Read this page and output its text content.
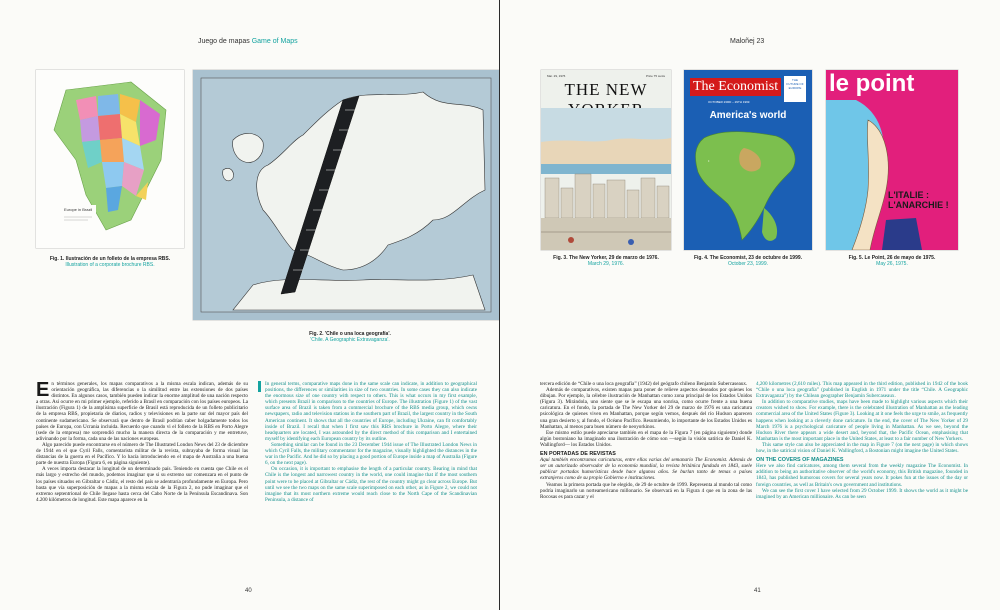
Juego de mapas Game of Maps
Europe in Brazil
Fig. 1. Ilustración de un folleto de la empresa RBS.
Illustration of a corporate brochure RBS.
Fig. 2. 'Chile o una loca geografía'.
'Chile. A Geographic Extravaganza'.

En términos generales, los mapas comparativos a la misma escala indican, además de su orientación geográfica, las diferencias o la similitud entre las extensiones de dos países distintos. En algunos casos, también pueden indicar la enorme amplitud de una nación respecto a otras. Así ocurre en mi primer ejemplo, referido a Brasil en comparación con los países europeos. La ilustración (Figura 1) de la amplísima superficie de Brasil está reproducida de un folleto publicitario de la empresa RBS, propietaria de diarios, radios y televisiones en la parte sur del mayor país del continente sudamericano. Se observará que dentro de Brasil podrían caber holgadamente todos los países de Europa, con Ucrania incluida. Recuerdo que cuando vi el folleto de la RBS en Porto Alegre (sede de la empresa) me sorprendió mucho la manera directa de la comparación y me entretuve, adivinando por la forma, cada una de las naciones europeas.

Algo parecido puede encontrarse en el número de The Illustrated London News del 23 de diciembre de 1944 en el que Cyril Falls, comentarista militar de la revista, subrayaba de forma visual las distancias de la guerra en el Pacífico. Y lo hacía introduciendo en el mapa de Australia a una buena parte de nuestra Europa (Figura 6, en página siguiente).

A veces importa destacar la longitud de un determinado país. Teniendo en cuenta que Chile es el más largo y estrecho del mundo, podemos imaginar que si su extremo sur comenzara en el punto de los países situados en Gibraltar o Cádiz, el resto del país se adentraría profundamente en Europa. Pero basta que vía superposición de mapas a la misma escala de la Figura 2, no pude imaginar que el extremo septentrional de Chile llegase hasta cerca del Cabo Norte de la Península Escandinava. Son 4.200 kilómetros de longitud. Este mapa aparece en la

In general terms, comparative maps done in the same scale can indicate, in addition to geographical positions, the differences or similarities in size of two countries. In some cases they can also indicate the enormous size of one country with respect to others. This is what occurs in my first example, which presents Brazil in comparison to the countries of Europe. The illustration (Figure 1) of the vast surface area of Brazil is taken from a commercial brochure of the RBS media group, which owns newspapers, radio and television stations in the southern part of Brazil, the largest country in the South American continent. It shows that all the countries of Europe, including Ukraine, can fit comfortably inside of Brazil. I recall that when I first saw this RBS brochure in Porto Alegre, where their headquarters are located, I was astounded by the direct method of this comparison and I entertained myself by identifying each European country by its outline.

Something similar can be found in the 23 December 1944 issue of The Illustrated London News in which Cyril Falls, the military commentator for the magazine, visually highlighted the distances in the war in the Pacific. And he did so by placing a good portion of Europe inside a map of Australia (Figure 6, on the next page).

On occasion, it is important to emphasise the length of a particular country. Bearing in mind that Chile is the longest and narrowest country in the world, one could imagine that if the most southern point were to be placed at Gibraltar or Cádiz, the rest of the country might go clear across Europe. But until we see the two maps on the same scale superimposed on each other, as in Figure 2, we could not imagine that its most northern extreme would reach close to the North Cape of the Scandinavian Peninsula, a distance of

40
Maloñej 23
Mar. 29, 1976	Price 75 cents
THE NEW
Fig. 3. The New Yorker, 29 de marzo de 1976.
March 29, 1976.
The Economist
OCTOBER 23RD – 29TH 1999
THE FUTURE OF EUROPE
America's world
•
Fig. 4. The Economist, 23 de octubre de 1999.
October 23, 1999.
le point
L'ITALIE : L'ANARCHIE !
Fig. 5. Le Point, 26 de mayo de 1975.
May 26, 1975.

tercera edición de “Chile o una loca geografía” (1942) del geógrafo chileno Benjamín Subercaseaux.

Además de comparativos, existen mapas para poner de relieve aspectos deseados por quienes los dibujan. Por ejemplo, la célebre ilustración de Manhattan como zona principal de los Estados Unidos (Figura 3). Mirándola, uno siente que se le escapa una sonrisa, como ocurre frente a una buena caricatura. En el fondo, la portada de The New Yorker del 29 de marzo de 1976 es una caricatura psicológica de quienes viven en Manhattan, porque según vemos, después del río Hudson aparecen una gran desierto y, al fondo, el Océano Pacífico. Resumiendo, lo importante de los Estados Unidos es Manhattan, al menos para buen número de neoyorkinos.

Ese mismo estilo puede apreciarse también en el mapa de la Figura 7 (en página siguiente) donde algún bostoniano ha imaginado una ilustración de cómo son —según la visión satírica de Daniel K. Wallingford— los Estados Unidos.

EN PORTADAS DE REVISTAS

Aquí también encontramos caricaturas, entre ellas varias del semanario The Economist. Además de ser un autorizado observador de la economía mundial, la revista británica fundada en 1843, suele publicar portadas humorísticas desde hace algunos años. Se burlan tanto de temas o países extranjeros como de su propio Gobierno e instituciones.

Veamos la primera portada que he elegido, de 29 de octubre de 1999. Representa al mundo tal como podría imaginarlo un norteamericano millonario. Se observará en la Figura 4 que en la zona de las Rocosas es para cazar y el

4,200 kilometres (2,610 miles). This map appeared in the third edition, published in 1942 of the book “Chile o una loca geografía” (published in English in 1971 under the title “Chile. A Geographic Extravaganza”) by the Chilean geographer Benjamín Subercaseaux.

In addition to comparative studies, maps have been made to highlight various aspects which their creators wished to show. For example, there is the celebrated illustration of Manhattan as the leading commercial area of the United States (Figure 3). Looking at it one feels the urge to smile, as frequently happens when looking at a cleverly done caricature. In the end, the cover of The New Yorker of 29 March 1976 is a psychological caricature of people living in Manhattan. As we see, beyond the Hudson River there appears a wide desert and, beyond that, the Pacific Ocean, emphasising that Manhattan is the most important place in the United States, at least to a fair number of New Yorkers.

This same style can also be appreciated in the map in Figure 7 (on the next page) in which shows how, in the satirical vision of Daniel K. Wallingford, a Bostonian might imagine the United States.

ON THE COVERS OF MAGAZINES

Here we also find caricatures, among them several from the weekly magazine The Economist. In addition to being an authoritative observer of the world's economy, this British magazine, founded in 1843, has published humorous covers for several years now. It pokes fun at the issues of the day or foreign countries, as well as Britain's own government and institutions.

We can see the first cover I have selected from 29 October 1999. It shows the world as it might be imagined by an American millionaire. As can be seen

41
